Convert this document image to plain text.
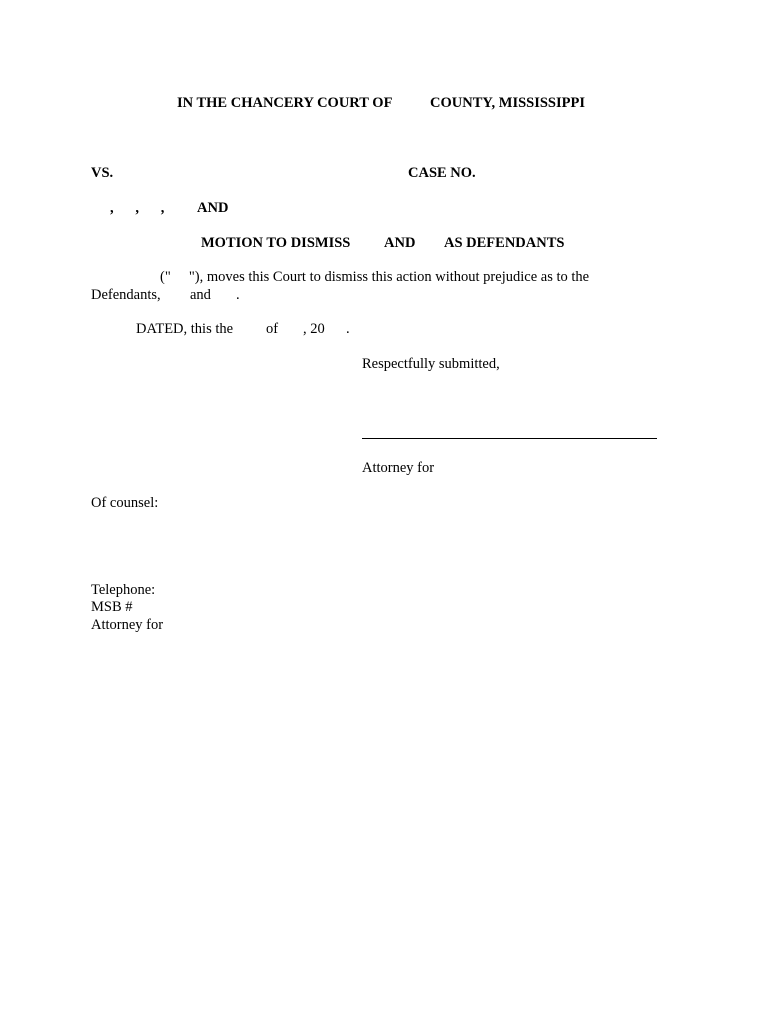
IN THE CHANCERY COURT OF	COUNTY, MISSISSIPPI
VS.	CASE NO.
,      ,      , AND
MOTION TO DISMISS AND AS DEFENDANTS
("     "), moves this Court to dismiss this action without prejudice as to the
Defendants, and .
DATED, this the of , 20 .
Respectfully submitted,
Attorney for
Of counsel:
Telephone:
MSB #
Attorney for
